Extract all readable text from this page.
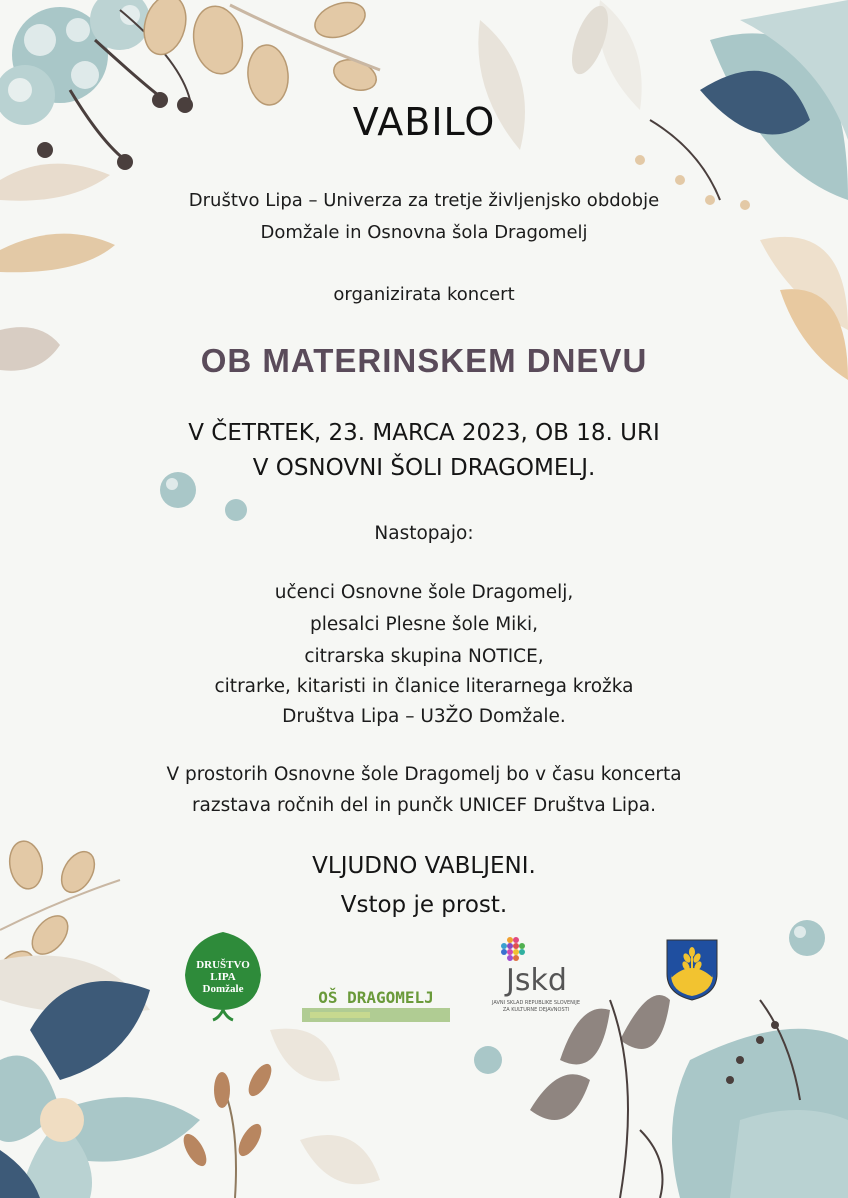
VABILO
Društvo Lipa – Univerza za tretje življenjsko obdobje
Domžale in Osnovna šola Dragomelj
organizirata koncert
OB MATERINSKEM DNEVU
V ČETRTEK, 23. MARCA 2023, OB 18. URI
V OSNOVNI ŠOLI DRAGOMELJ.
Nastopajo:
učenci Osnovne šole Dragomelj,
plesalci Plesne šole Miki,
citrarska skupina NOTICE,
citrarke, kitaristi in članice literarnega krožka
Društva Lipa – U3ŽO Domžale.
V prostorih Osnovne šole Dragomelj bo v času koncerta
razstava ročnih del in punčk UNICEF Društva Lipa.
VLJUDNO VABLJENI.
Vstop je prost.
DRUŠTVO
LIPA
Domžale	OŠ DRAGOMELJ Jskd
JAVNI SKLAD REPUBLIKE SLOVENIJE
ZA KULTURNE DEJAVNOSTI
